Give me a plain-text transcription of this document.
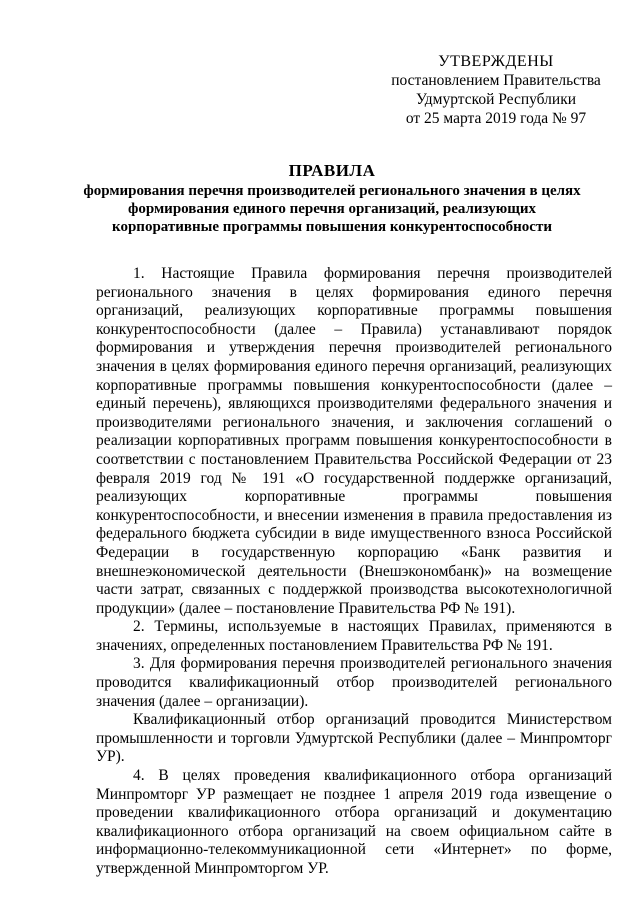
УТВЕРЖДЕНЫ
постановлением Правительства
Удмуртской Республики
от 25 марта 2019 года № 97
ПРАВИЛА
формирования перечня производителей регионального значения в целях
формирования единого перечня организаций, реализующих
корпоративные программы повышения конкурентоспособности

1. Настоящие Правила формирования перечня производителей регионального значения в целях формирования единого перечня организаций, реализующих корпоративные программы повышения конкурентоспособности (далее – Правила) устанавливают порядок формирования и утверждения перечня производителей регионального значения в целях формирования единого перечня организаций, реализующих корпоративные программы повышения конкурентоспособности (далее – единый перечень), являющихся производителями федерального значения и производителями регионального значения, и заключения соглашений о реализации корпоративных программ повышения конкурентоспособности в соответствии с постановлением Правительства Российской Федерации от 23 февраля 2019 год № 191 «О государственной поддержке организаций, реализующих корпоративные программы повышения конкурентоспособности, и внесении изменения в правила предоставления из федерального бюджета субсидии в виде имущественного взноса Российской Федерации в государственную корпорацию «Банк развития и внешнеэкономической деятельности (Внешэкономбанк)» на возмещение части затрат, связанных с поддержкой производства высокотехнологичной продукции» (далее – постановление Правительства РФ № 191).

2. Термины, используемые в настоящих Правилах, применяются в значениях, определенных постановлением Правительства РФ № 191.

3. Для формирования перечня производителей регионального значения проводится квалификационный отбор производителей регионального значения (далее – организации).

Квалификационный отбор организаций проводится Министерством промышленности и торговли Удмуртской Республики (далее – Минпромторг УР).

4. В целях проведения квалификационного отбора организаций Минпромторг УР размещает не позднее 1 апреля 2019 года извещение о проведении квалификационного отбора организаций и документацию квалификационного отбора организаций на своем официальном сайте в информационно-телекоммуникационной сети «Интернет» по форме, утвержденной Минпромторгом УР.
